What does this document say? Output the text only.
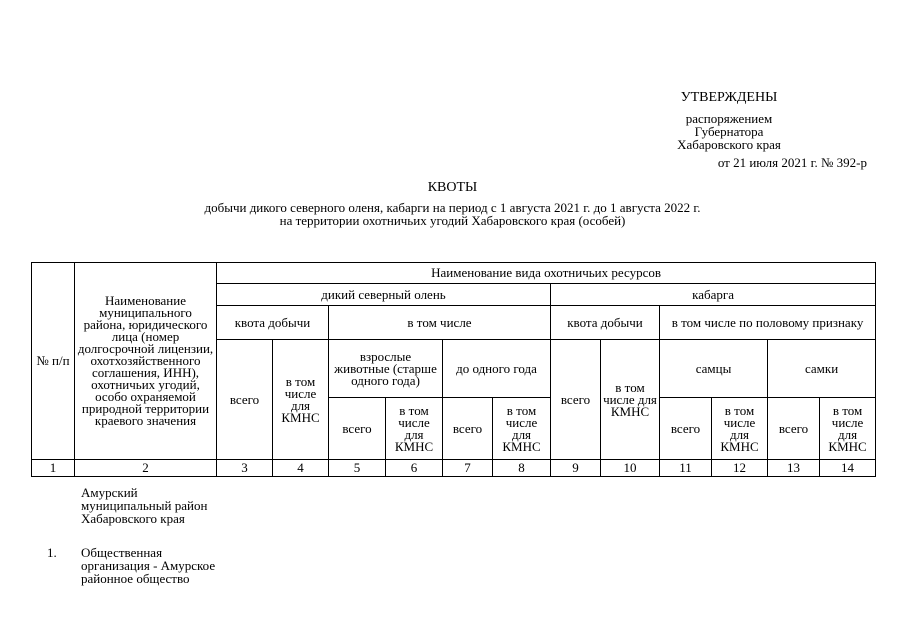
УТВЕРЖДЕНЫ
распоряжением
Губернатора
Хабаровского края
от 21 июля 2021 г. № 392-р
КВОТЫ
добычи дикого северного оленя, кабарги на период с 1 августа 2021 г. до 1 августа 2022 г.
на территории охотничьих угодий Хабаровского края (особей)
№ п/п	Наименование муниципального района, юридического лица (номер долгосрочной лицензии, охотхозяйственного соглашения, ИНН), охотничьих угодий, особо охраняемой природной территории краевого значения	Наименование вида охотничьих ресурсов											
		дикий северный олень						кабарга					
		квота добычи		в том числе				квота добычи		в том числе по половому признаку			
		всего	в том числе для КМНС	взрослые животные (старше одного года)		до одного года		всего	в том числе для КМНС	самцы		самки	
				всего	в том числе для КМНС	всего	в том числе для КМНС			всего	в том числе для КМНС	всего	в том числе для КМНС
1	2	3	4	5	6	7	8	9	10	11	12	13	14
Амурский муниципальный район Хабаровского края
1. Общественная организация - Амурское районное общество
